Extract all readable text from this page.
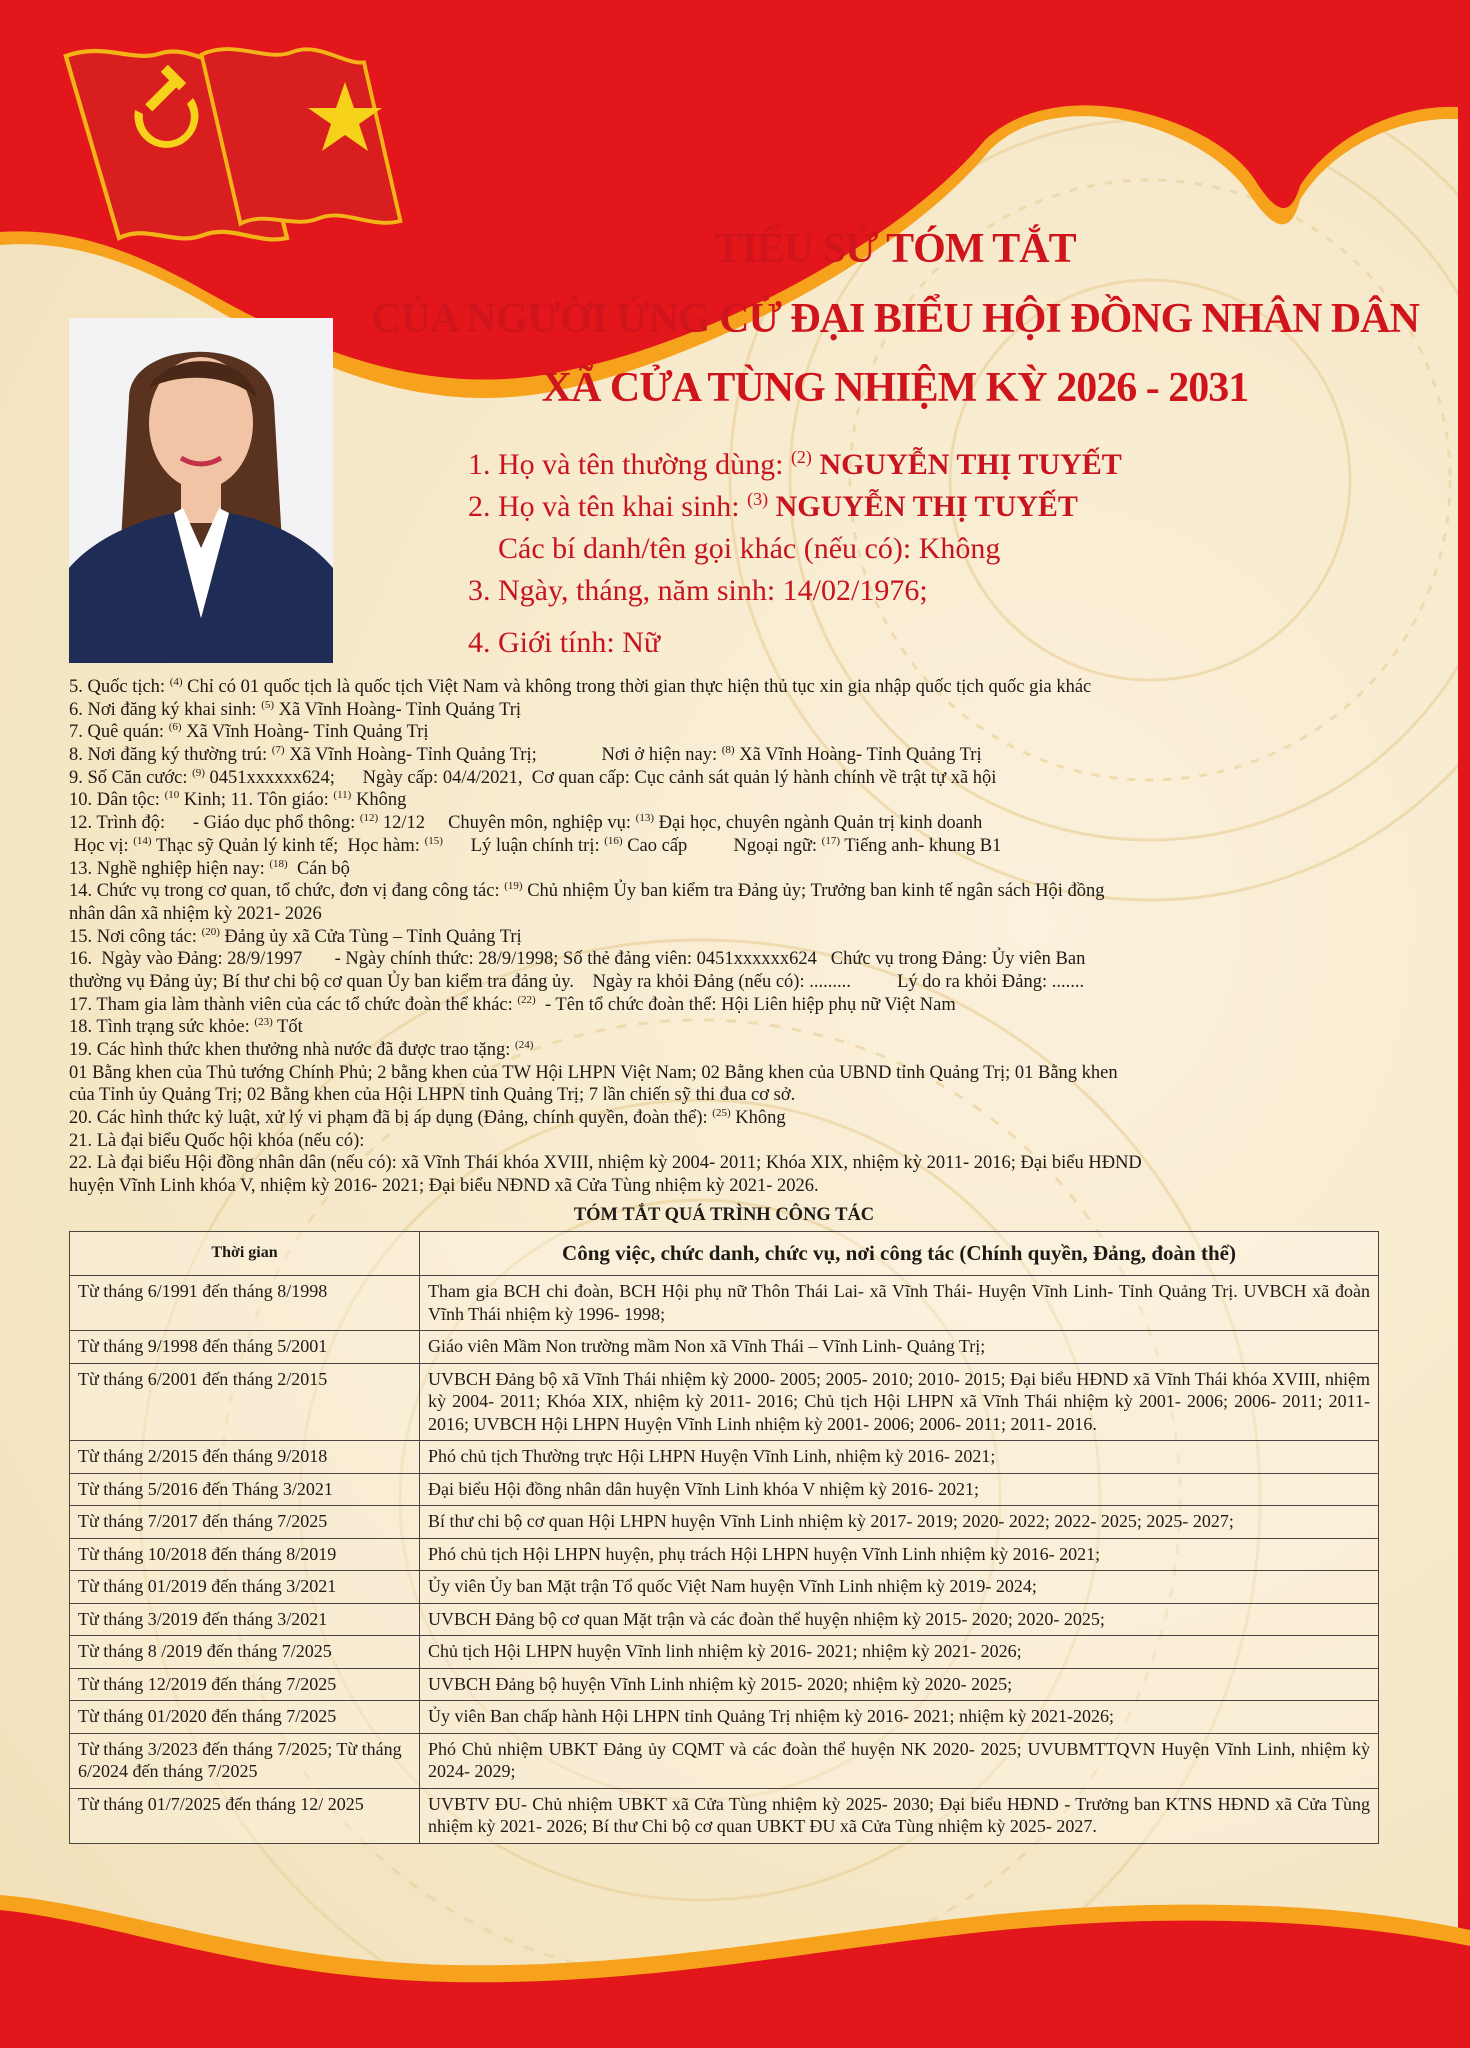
TIỂU SỬ TÓM TẮT
CỦA NGƯỜI ỨNG CỬ ĐẠI BIỂU HỘI ĐỒNG NHÂN DÂN
XÃ CỬA TÙNG NHIỆM KỲ 2026 - 2031
1. Họ và tên thường dùng: $^{(2)}$ NGUYỄN THỊ TUYẾT
2. Họ và tên khai sinh: $^{(3)}$ NGUYỄN THỊ TUYẾT
Các bí danh/tên gọi khác (nếu có): Không
3. Ngày, tháng, năm sinh: 14/02/1976;
4. Giới tính: Nữ
5. Quốc tịch: $^{(4)}$ Chỉ có 01 quốc tịch là quốc tịch Việt Nam và không trong thời gian thực hiện thủ tục xin gia nhập quốc tịch quốc gia khác
6. Nơi đăng ký khai sinh: $^{(5)}$ Xã Vĩnh Hoàng- Tỉnh Quảng Trị
7. Quê quán: $^{(6)}$ Xã Vĩnh Hoàng- Tỉnh Quảng Trị
8. Nơi đăng ký thường trú: $^{(7)}$ Xã Vĩnh Hoàng- Tỉnh Quảng Trị;              Nơi ở hiện nay: $^{(8)}$ Xã Vĩnh Hoàng- Tỉnh Quảng Trị
9. Số Căn cước: $^{(9)}$ 0451xxxxxx624;      Ngày cấp: 04/4/2021,  Cơ quan cấp: Cục cảnh sát quản lý hành chính về trật tự xã hội
10. Dân tộc: $^{(10}$ Kinh; 11. Tôn giáo: $^{(11)}$ Không
12. Trình độ:      - Giáo dục phổ thông: $^{(12)}$ 12/12     Chuyên môn, nghiệp vụ: $^{(13)}$ Đại học, chuyên ngành Quản trị kinh doanh
Học vị: $^{(14)}$ Thạc sỹ Quản lý kinh tế;  Học hàm: $^{(15)}$      Lý luận chính trị: $^{(16)}$ Cao cấp          Ngoại ngữ: $^{(17)}$ Tiếng anh- khung B1
13. Nghề nghiệp hiện nay: $^{(18)}$  Cán bộ
14. Chức vụ trong cơ quan, tổ chức, đơn vị đang công tác: $^{(19)}$ Chủ nhiệm Ủy ban kiểm tra Đảng ủy; Trưởng ban kinh tế ngân sách Hội đồng
nhân dân xã nhiệm kỳ 2021- 2026
15. Nơi công tác: $^{(20)}$ Đảng ủy xã Cửa Tùng – Tỉnh Quảng Trị
16.  Ngày vào Đảng: 28/9/1997       - Ngày chính thức: 28/9/1998; Số thẻ đảng viên: 0451xxxxxx624   Chức vụ trong Đảng: Ủy viên Ban
thường vụ Đảng ủy; Bí thư chi bộ cơ quan Ủy ban kiểm tra đảng ủy.    Ngày ra khỏi Đảng (nếu có): .........          Lý do ra khỏi Đảng: .......
17. Tham gia làm thành viên của các tổ chức đoàn thể khác: $^{(22)}$  - Tên tổ chức đoàn thể: Hội Liên hiệp phụ nữ Việt Nam
18. Tình trạng sức khỏe: $^{(23)}$ Tốt
19. Các hình thức khen thưởng nhà nước đã được trao tặng: $^{(24)}$
01 Bằng khen của Thủ tướng Chính Phủ; 2 bằng khen của TW Hội LHPN Việt Nam; 02 Bằng khen của UBND tỉnh Quảng Trị; 01 Bằng khen
của Tỉnh ủy Quảng Trị; 02 Bằng khen của Hội LHPN tỉnh Quảng Trị; 7 lần chiến sỹ thi đua cơ sở.
20. Các hình thức kỷ luật, xử lý vi phạm đã bị áp dụng (Đảng, chính quyền, đoàn thể): $^{(25)}$ Không
21. Là đại biểu Quốc hội khóa (nếu có):
22. Là đại biểu Hội đồng nhân dân (nếu có): xã Vĩnh Thái khóa XVIII, nhiệm kỳ 2004- 2011; Khóa XIX, nhiệm kỳ 2011- 2016; Đại biểu HĐND
huyện Vĩnh Linh khóa V, nhiệm kỳ 2016- 2021; Đại biểu NĐND xã Cửa Tùng nhiệm kỳ 2021- 2026.
TÓM TẮT QUÁ TRÌNH CÔNG TÁC
Thời gian	Công việc, chức danh, chức vụ, nơi công tác (Chính quyền, Đảng, đoàn thể)
Từ tháng 6/1991 đến tháng 8/1998	Tham gia BCH chi đoàn, BCH Hội phụ nữ Thôn Thái Lai- xã Vĩnh Thái- Huyện Vĩnh Linh- Tỉnh Quảng Trị. UVBCH xã đoàn Vĩnh Thái nhiệm kỳ 1996- 1998;
Từ tháng 9/1998 đến tháng 5/2001	Giáo viên Mầm Non trường mầm Non xã Vĩnh Thái – Vĩnh Linh- Quảng Trị;
Từ tháng 6/2001 đến tháng 2/2015	UVBCH Đảng bộ xã Vĩnh Thái nhiệm kỳ 2000- 2005; 2005- 2010; 2010- 2015; Đại biểu HĐND xã Vĩnh Thái khóa XVIII, nhiệm kỳ 2004- 2011; Khóa XIX, nhiệm kỳ 2011- 2016; Chủ tịch Hội LHPN xã Vĩnh Thái nhiệm kỳ 2001- 2006; 2006- 2011; 2011- 2016; UVBCH Hội LHPN Huyện Vĩnh Linh nhiệm kỳ 2001- 2006; 2006- 2011; 2011- 2016.
Từ tháng 2/2015 đến tháng 9/2018	Phó chủ tịch Thường trực Hội LHPN Huyện Vĩnh Linh, nhiệm kỳ 2016- 2021;
Từ tháng 5/2016 đến Tháng 3/2021	Đại biểu Hội đồng nhân dân huyện Vĩnh Linh khóa V nhiệm kỳ 2016- 2021;
Từ tháng 7/2017 đến tháng 7/2025	Bí thư chi bộ cơ quan Hội LHPN huyện Vĩnh Linh nhiệm kỳ 2017- 2019; 2020- 2022; 2022- 2025; 2025- 2027;
Từ tháng 10/2018 đến tháng 8/2019	Phó chủ tịch Hội LHPN huyện, phụ trách Hội LHPN huyện Vĩnh Linh nhiệm kỳ 2016- 2021;
Từ tháng 01/2019 đến tháng 3/2021	Ủy viên Ủy ban Mặt trận Tổ quốc Việt Nam huyện Vĩnh Linh nhiệm kỳ 2019- 2024;
Từ tháng 3/2019 đến tháng 3/2021	UVBCH Đảng bộ cơ quan Mặt trận và các đoàn thể huyện nhiệm kỳ 2015- 2020; 2020- 2025;
Từ tháng 8 /2019 đến tháng 7/2025	Chủ tịch Hội LHPN huyện Vĩnh linh nhiệm kỳ 2016- 2021; nhiệm kỳ 2021- 2026;
Từ tháng 12/2019 đến tháng 7/2025	UVBCH Đảng bộ huyện Vĩnh Linh nhiệm kỳ 2015- 2020; nhiệm kỳ 2020- 2025;
Từ tháng 01/2020 đến tháng 7/2025	Ủy viên Ban chấp hành Hội LHPN tỉnh Quảng Trị nhiệm kỳ 2016- 2021; nhiệm kỳ 2021-2026;
Từ tháng 3/2023 đến tháng 7/2025; Từ tháng 6/2024 đến tháng 7/2025	Phó Chủ nhiệm UBKT Đảng ủy CQMT và các đoàn thể huyện NK 2020- 2025; UVUBMTTQVN Huyện Vĩnh Linh, nhiệm kỳ 2024- 2029;
Từ tháng 01/7/2025 đến tháng 12/ 2025	UVBTV ĐU- Chủ nhiệm UBKT xã Cửa Tùng nhiệm kỳ 2025- 2030; Đại biểu HĐND - Trưởng ban KTNS HĐND xã Cửa Tùng nhiệm kỳ 2021- 2026; Bí thư Chi bộ cơ quan UBKT ĐU xã Cửa Tùng nhiệm kỳ 2025- 2027.
